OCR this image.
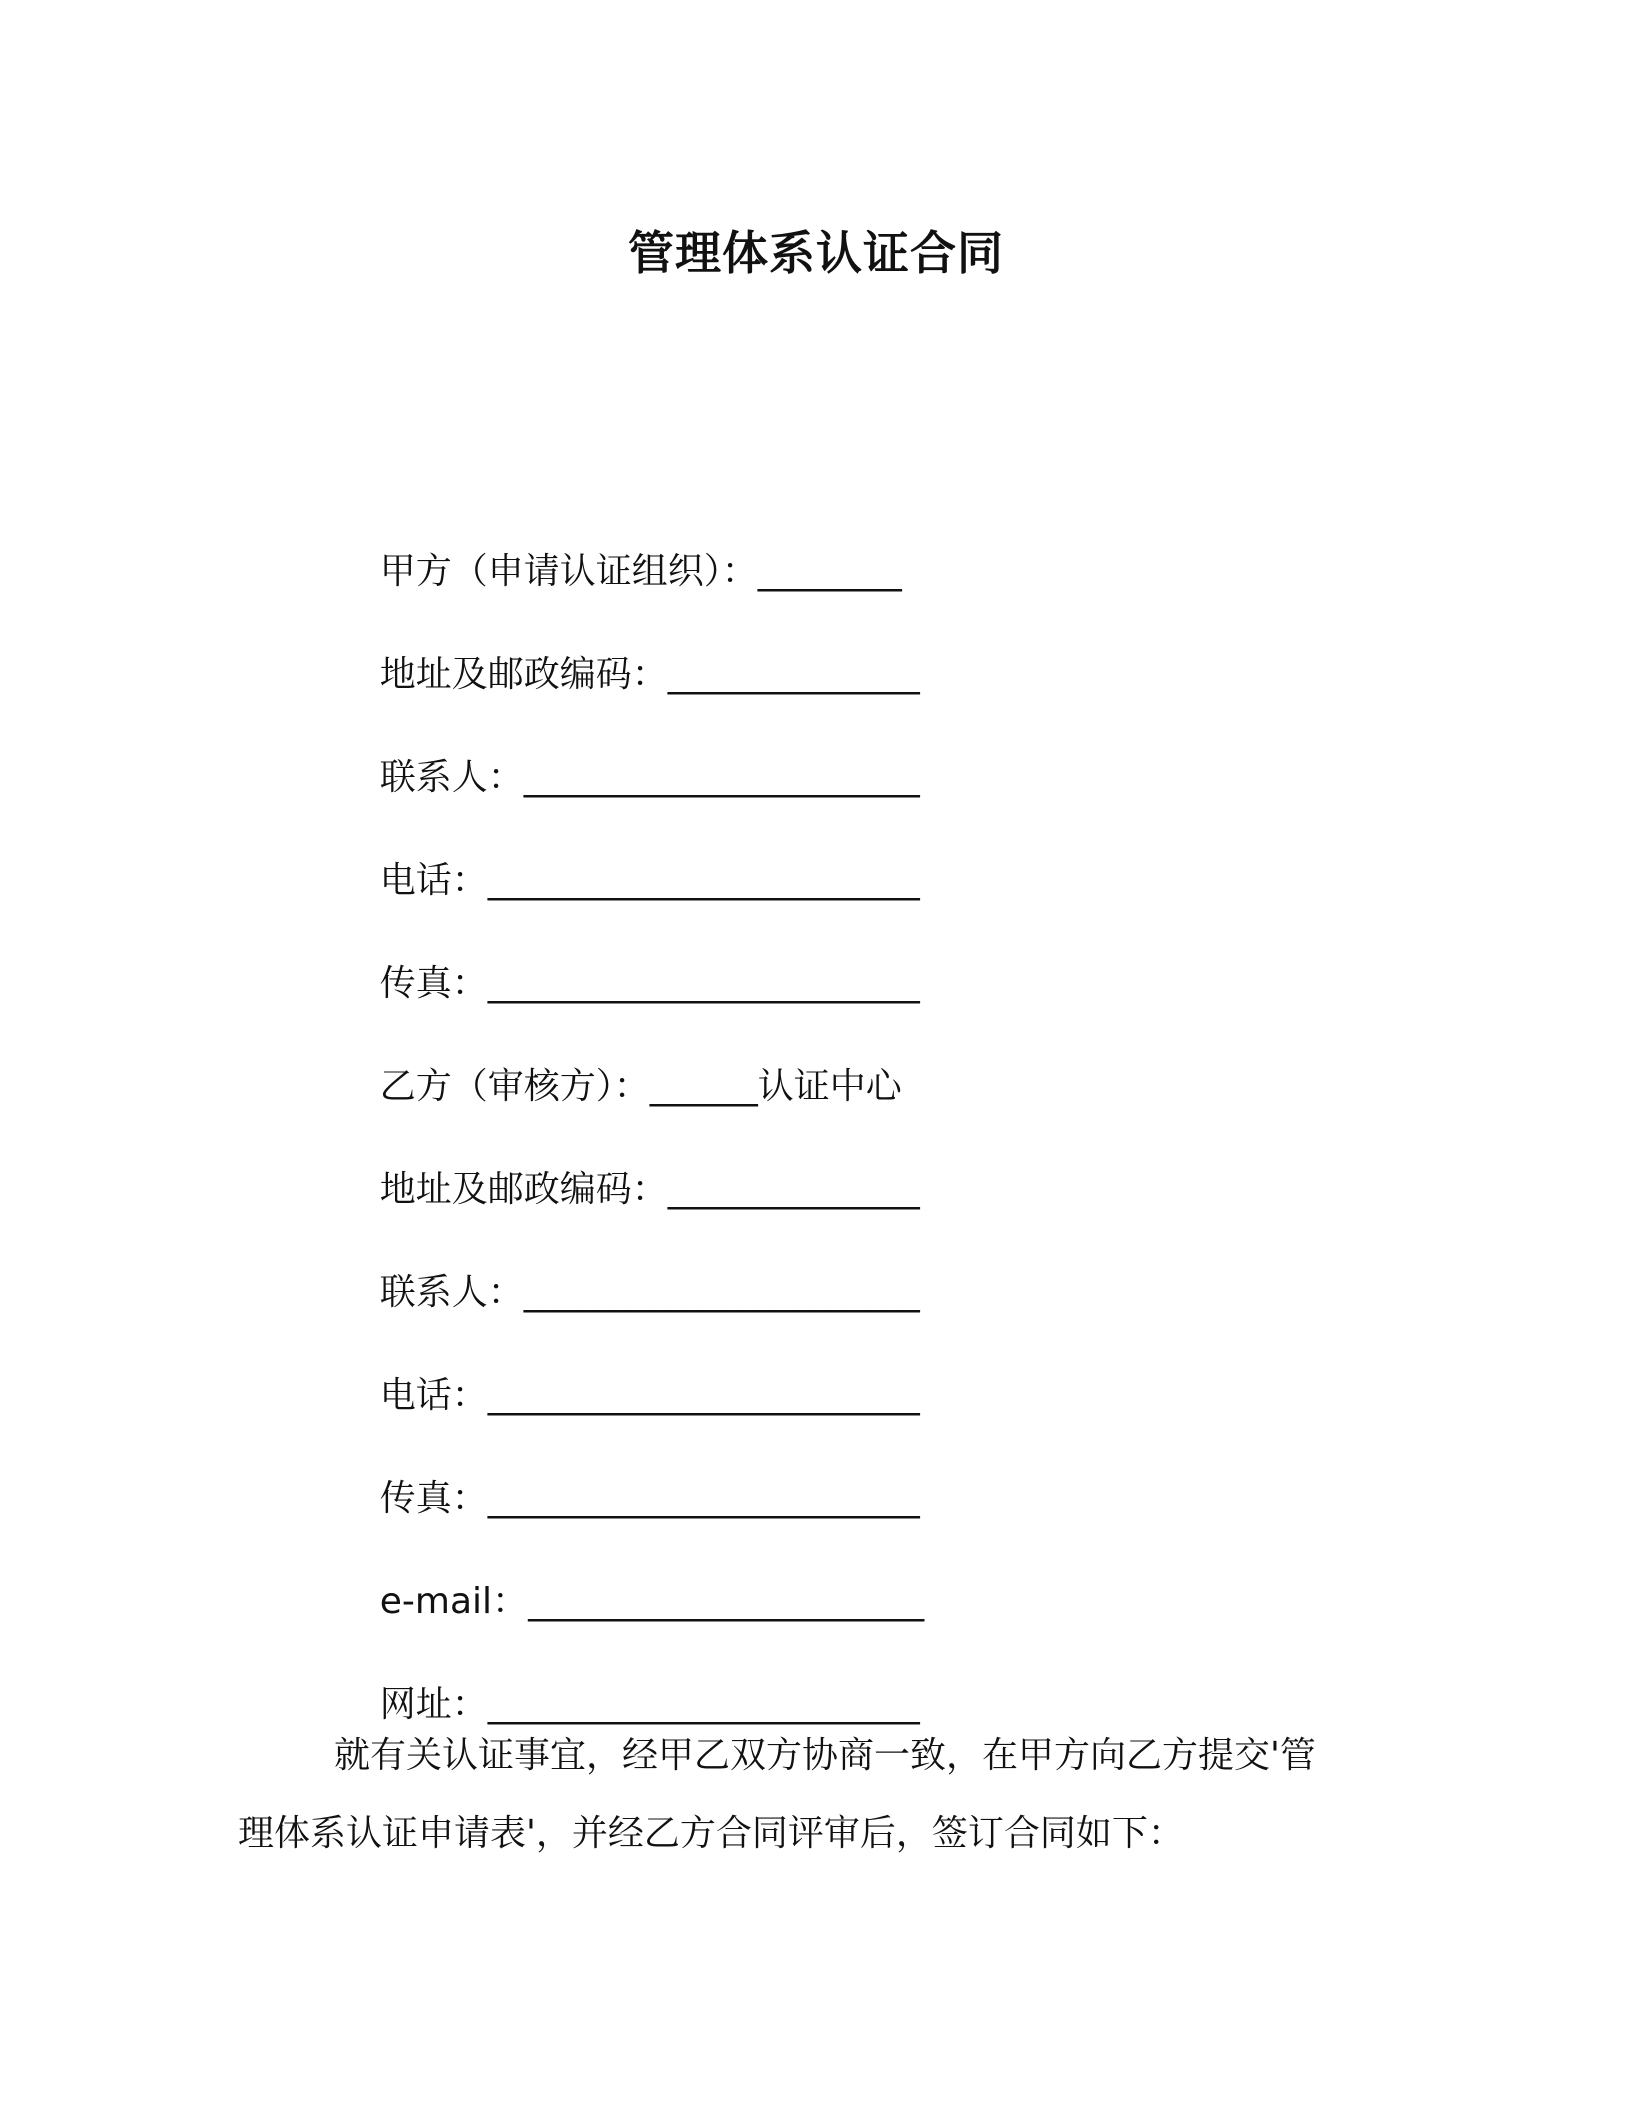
管理体系认证合同

甲方（申请认证组织）：________

地址及邮政编码：______________

联系人：______________________

电话：________________________

传真：________________________

乙方（审核方）：______认证中心

地址及邮政编码：______________

联系人：______________________

电话：________________________

传真：________________________

e-mail：______________________

网址：________________________

就有关认证事宜，经甲乙双方协商一致，在甲方向乙方提交'管
理体系认证申请表'，并经乙方合同评审后，签订合同如下：
